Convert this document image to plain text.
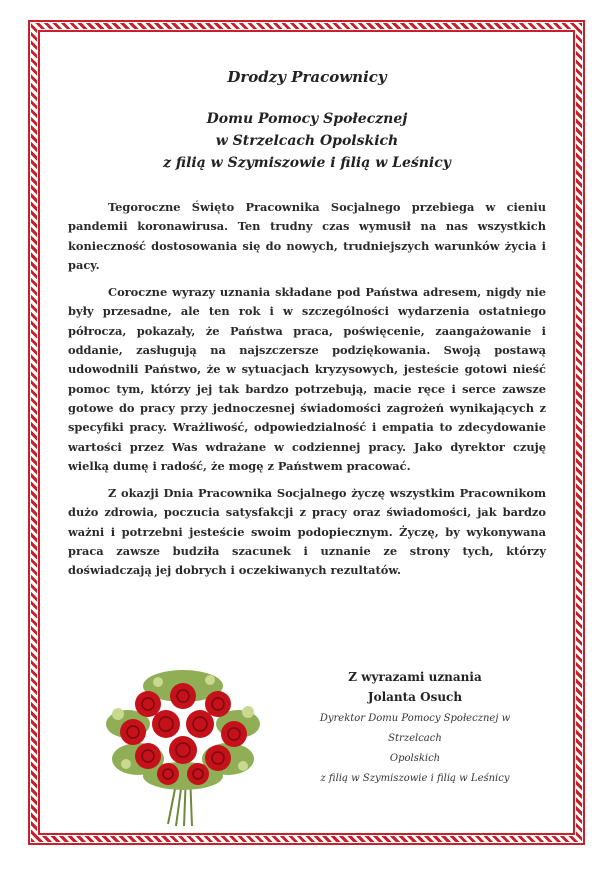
Drodzy Pracownicy
Domu Pomocy Społecznej
w Strzelcach Opolskich
z filią w Szymiszowie i filią w Leśnicy

Tegoroczne Święto Pracownika Socjalnego przebiega w cieniu pandemii koronawirusa. Ten trudny czas wymusił na nas wszystkich konieczność dostosowania się do nowych, trudniejszych warunków życia i pacy.

Coroczne wyrazy uznania składane pod Państwa adresem, nigdy nie były przesadne, ale ten rok i w szczególności wydarzenia ostatniego półrocza, pokazały, że Państwa praca, poświęcenie, zaangażowanie i oddanie, zasługują na najszczersze podziękowania. Swoją postawą udowodnili Państwo, że w sytuacjach kryzysowych, jesteście gotowi nieść pomoc tym, którzy jej tak bardzo potrzebują, macie ręce i serce zawsze gotowe do pracy przy jednoczesnej świadomości zagrożeń wynikających z specyfiki pracy. Wrażliwość, odpowiedzialność i empatia to zdecydowanie wartości przez Was wdrażane w codziennej pracy. Jako dyrektor czuję wielką dumę i radość, że mogę z Państwem pracować.

Z okazji Dnia Pracownika Socjalnego życzę wszystkim Pracownikom dużo zdrowia, poczucia satysfakcji z pracy oraz świadomości, jak bardzo ważni i potrzebni jesteście swoim podopiecznym. Życzę, by wykonywana praca zawsze budziła szacunek i uznanie ze strony tych, którzy doświadczają jej dobrych i oczekiwanych rezultatów.

Z wyrazami uznania
Jolanta Osuch
Dyrektor Domu Pomocy Społecznej w Strzelcach
Opolskich
z filią w Szymiszowie i filią w Leśnicy
